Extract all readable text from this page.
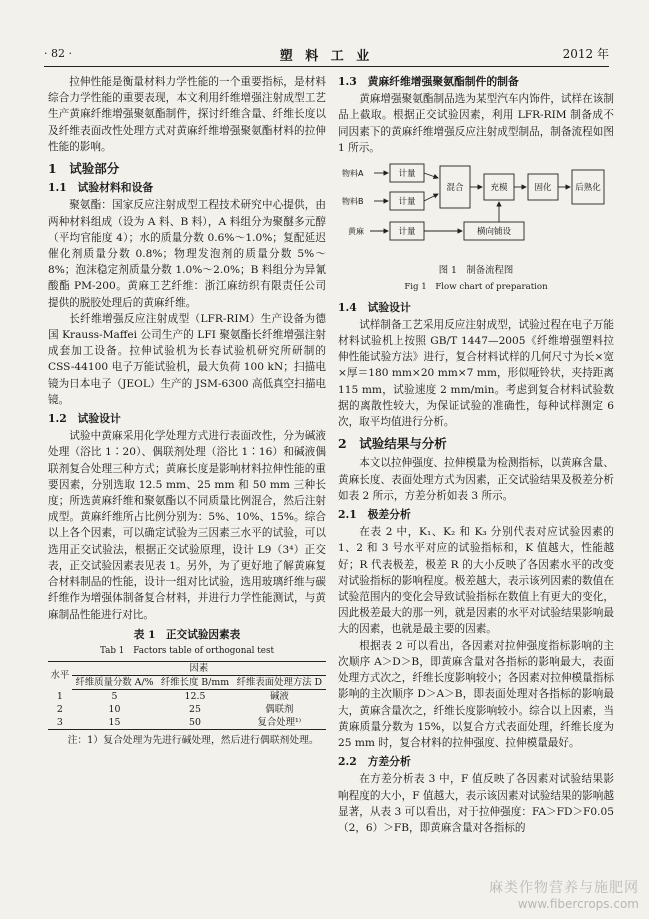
· 82 ·	塑 料 工 业	2012 年

拉伸性能是衡量材料力学性能的一个重要指标，是材料综合力学性能的重要表现，本文利用纤维增强注射成型工艺生产黄麻纤维增强聚氨酯制件，探讨纤维含量、纤维长度以及纤维表面改性处理方式对黄麻纤维增强聚氨酯材料的拉伸性能的影响。

1　试验部分
1.1　试验材料和设备

聚氨酯：国家反应注射成型工程技术研究中心提供，由两种材料组成（设为 A 料、B 料），A 料组分为聚醚多元醇（平均官能度 4）；水的质量分数 0.6%～1.0%；复配延迟催化剂质量分数 0.8%；物理发泡剂的质量分数 5%～8%；泡沫稳定剂质量分数 1.0%～2.0%；B 料组分为异氰酸酯 PM-200。黄麻工艺纤维：浙江麻纺织有限责任公司提供的脱胶处理后的黄麻纤维。

长纤维增强反应注射成型（LFR-RIM）生产设备为德国 Krauss-Maffei 公司生产的 LFI 聚氨酯长纤维增强注射成套加工设备。拉伸试验机为长春试验机研究所研制的 CSS-44100 电子万能试验机，最大负荷 100 kN；扫描电镜为日本电子（JEOL）生产的 JSM-6300 高低真空扫描电镜。

1.2　试验设计

试验中黄麻采用化学处理方式进行表面改性，分为碱液处理（浴比 1∶20）、偶联剂处理（浴比 1∶16）和碱液偶联剂复合处理三种方式；黄麻长度是影响材料拉伸性能的重要因素，分别选取 12.5 mm、25 mm 和 50 mm 三种长度；所选黄麻纤维和聚氨酯以不同质量比例混合，然后注射成型。黄麻纤维所占比例分别为：5%、10%、15%。综合以上各个因素，可以确定试验为三因素三水平的试验，可以选用正交试验法，根据正交试验原理，设计 L9（3⁴）正交表，正交试验因素表见表 1。另外，为了更好地了解黄麻复合材料制品的性能，设计一组对比试验，选用玻璃纤维与碳纤维作为增强体制备复合材料，并进行力学性能测试，与黄麻制品性能进行对比。

表 1　正交试验因素表
Tab 1　Factors table of orthogonal test
水平	因素		
	纤维质量分数 A/%	纤维长度 B/mm	纤维表面处理方法 D
1	5	12.5	碱液
2	10	25	偶联剂
3	15	50	复合处理¹⁾
注：1）复合处理为先进行碱处理，然后进行偶联剂处理。
1.3　黄麻纤维增强聚氨酯制件的制备

黄麻增强聚氨酯制品选为某型汽车内饰件，试样在该制品上截取。根据正交试验因素，利用 LFR-RIM 制备成不同因素下的黄麻纤维增强反应注射成型制品，制备流程如图 1 所示。

物料A
物料B
黄麻
计量
计量
计量
混合	充模	固化	后熟化
横向铺设
图 1　制备流程图
Fig 1　Flow chart of preparation
1.4　试验设计

试样制备工艺采用反应注射成型，试验过程在电子万能材料试验机上按照 GB/T 1447—2005《纤维增强塑料拉伸性能试验方法》进行，复合材料试样的几何尺寸为长×宽×厚＝180 mm×20 mm×7 mm，形似哑铃状，夹持距离 115 mm，试验速度 2 mm/min。考虑到复合材料试验数据的离散性较大，为保证试验的准确性，每种试样测定 6 次，取平均值进行分析。

2　试验结果与分析

本文以拉伸强度、拉伸模量为检测指标，以黄麻含量、黄麻长度、表面处理方式为因素，正交试验结果及极差分析如表 2 所示，方差分析如表 3 所示。

2.1　极差分析

在表 2 中，K₁、K₂ 和 K₃ 分别代表对应试验因素的 1、2 和 3 号水平对应的试验指标和，K 值越大，性能越好；R 代表极差，极差 R 的大小反映了各因素水平的改变对试验指标的影响程度。极差越大，表示该列因素的数值在试验范围内的变化会导致试验指标在数值上有更大的变化，因此极差最大的那一列，就是因素的水平对试验结果影响最大的因素，也就是最主要的因素。

根据表 2 可以看出，各因素对拉伸强度指标影响的主次顺序 A＞D＞B，即黄麻含量对各指标的影响最大，表面处理方式次之，纤维长度影响较小；各因素对拉伸模量指标影响的主次顺序 D＞A＞B，即表面处理对各指标的影响最大，黄麻含量次之，纤维长度影响较小。综合以上因素，当黄麻质量分数为 15%，以复合方式表面处理，纤维长度为 25 mm 时，复合材料的拉伸强度、拉伸模量最好。

2.2　方差分析

在方差分析表 3 中，F 值反映了各因素对试验结果影响程度的大小，F 值越大，表示该因素对试验结果的影响越显著，从表 3 可以看出，对于拉伸强度：FA＞FD＞F0.05（2，6）＞FB，即黄麻含量对各指标的

麻类作物营养与施肥网
www.fibercrops.com
